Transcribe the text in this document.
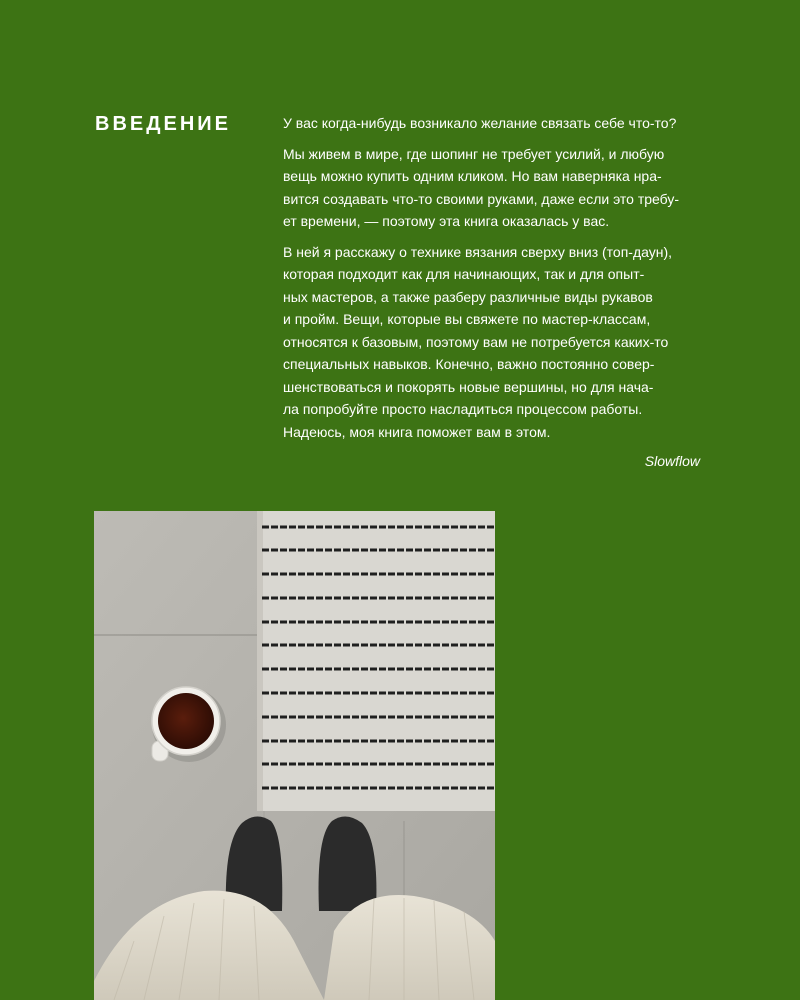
ВВЕДЕНИЕ	У вас когда-нибудь возникало желание связать себе что-то?

Мы живем в мире, где шопинг не требует усилий, и любую
вещь можно купить одним кликом. Но вам наверняка нра-
вится создавать что-то своими руками, даже если это требу-
ет времени, — поэтому эта книга оказалась у вас.

В ней я расскажу о технике вязания сверху вниз (топ-даун),
которая подходит как для начинающих, так и для опыт-
ных мастеров, а также разберу различные виды рукавов
и пройм. Вещи, которые вы свяжете по мастер-классам,
относятся к базовым, поэтому вам не потребуется каких-то
специальных навыков. Конечно, важно постоянно совер-
шенствоваться и покорять новые вершины, но для нача-
ла попробуйте просто насладиться процессом работы.
Надеюсь, моя книга поможет вам в этом.

Slowflow
